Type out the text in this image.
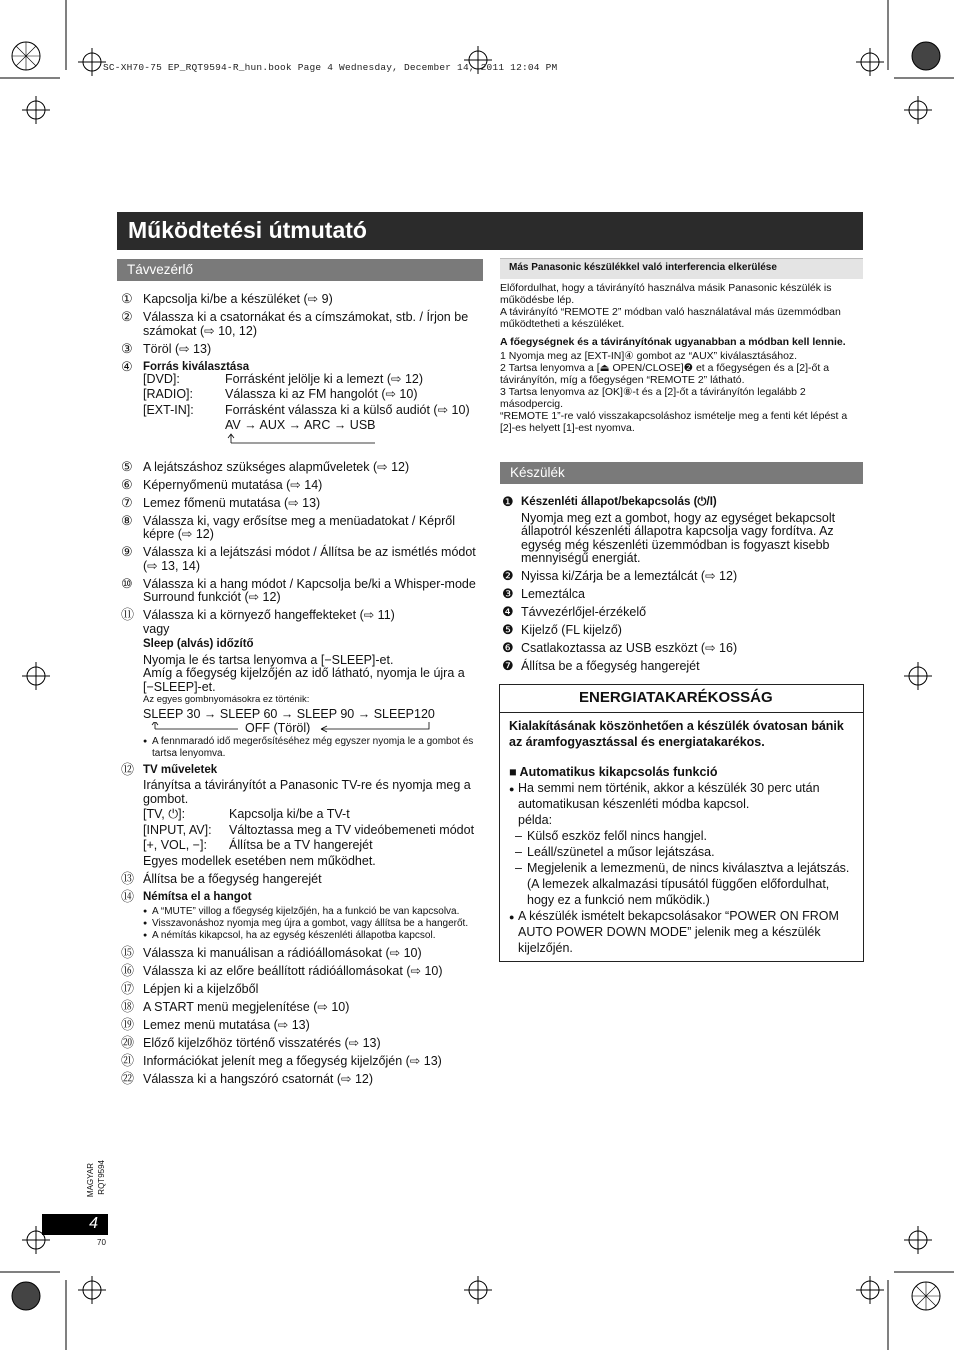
SC-XH70-75 EP_RQT9594-R_hun.book Page 4 Wednesday, December 14, 2011 12:04 PM
Működtetési útmutató
Távvezérlő
① Kapcsolja ki/be a készüléket (⇨ 9)
② Válassza ki a csatornákat és a címszámokat, stb. / Írjon be számokat (⇨ 10, 12)
③ Töröl (⇨ 13)
④ Forrás kiválasztása
[DVD]:	Forrásként jelölje ki a lemezt (⇨ 12)
[RADIO]:	Válassza ki az FM hangolót (⇨ 10)
[EXT-IN]:	Forrásként válassza ki a külső audiót (⇨ 10)
AV → AUX → ARC → USB
⑤ A lejátszáshoz szükséges alapműveletek (⇨ 12)
⑥ Képernyőmenü mutatása (⇨ 14)
⑦ Lemez főmenü mutatása (⇨ 13)
⑧ Válassza ki, vagy erősítse meg a menüadatokat / Képről képre (⇨ 12)
⑨ Válassza ki a lejátszási módot / Állítsa be az ismétlés módot (⇨ 13, 14)
⑩ Válassza ki a hang módot / Kapcsolja be/ki a Whisper-mode Surround funkciót (⇨ 12)
⑪ Válassza ki a környező hangeffekteket (⇨ 11)
vagy
Sleep (alvás) időzítő
Nyomja le és tartsa lenyomva a [−SLEEP]-et.
Amíg a főegység kijelzőjén az idő látható, nyomja le újra a [−SLEEP]-et.
Az egyes gombnyomásokra ez történik:
SLEEP 30 → SLEEP 60 → SLEEP 90 → SLEEP120
OFF (Töröl)
● A fennmaradó idő megerősítéséhez még egyszer nyomja le a gombot és tartsa lenyomva.
⑫ TV műveletek
Irányítsa a távirányítót a Panasonic TV-re és nyomja meg a gombot.
[TV, ⏻]:	Kapcsolja ki/be a TV-t
[INPUT, AV]:	Változtassa meg a TV videóbemeneti módot
[+, VOL, −]:	Állítsa be a TV hangerejét
Egyes modellek esetében nem működhet.
⑬ Állítsa be a főegység hangerejét
⑭ Némítsa el a hangot
● A “MUTE” villog a főegység kijelzőjén, ha a funkció be van kapcsolva.
● Visszavonáshoz nyomja meg újra a gombot, vagy állítsa be a hangerőt.
● A némítás kikapcsol, ha az egység készenléti állapotba kapcsol.
⑮ Válassza ki manuálisan a rádióállomásokat (⇨ 10)
⑯ Válassza ki az előre beállított rádióállomásokat (⇨ 10)
⑰ Lépjen ki a kijelzőből
⑱ A START menü megjelenítése (⇨ 10)
⑲ Lemez menü mutatása (⇨ 13)
⑳ Előző kijelzőhöz történő visszatérés (⇨ 13)
㉑ Információkat jelenít meg a főegység kijelzőjén (⇨ 13)
㉒ Válassza ki a hangszóró csatornát (⇨ 12)
Más Panasonic készülékkel való interferencia elkerülése
Előfordulhat, hogy a távirányító használva másik Panasonic készülék is működésbe lép.
A távirányító “REMOTE 2” módban való használatával más üzemmódban működtetheti a készüléket.
A főegységnek és a távirányítónak ugyanabban a módban kell lennie.
1 Nyomja meg az [EXT-IN]④ gombot az “AUX” kiválasztásához.
2 Tartsa lenyomva a [⏏ OPEN/CLOSE]❷ et a főegységen és a [2]-őt a távirányítón, míg a főegységen “REMOTE 2” látható.
3 Tartsa lenyomva az [OK]⑧-t és a [2]-őt a távirányítón legalább 2 másodpercig.
“REMOTE 1”-re való visszakapcsoláshoz ismételje meg a fenti két lépést a [2]-es helyett [1]-est nyomva.
Készülék
❶ Készenléti állapot/bekapcsolás (⏻/I)
Nyomja meg ezt a gombot, hogy az egységet bekapcsolt állapotról készenléti állapotra kapcsolja vagy fordítva. Az egység még készenléti üzemmódban is fogyaszt kisebb mennyiségű energiát.
❷ Nyissa ki/Zárja be a lemeztálcát (⇨ 12)
❸ Lemeztálca
❹ Távvezérlőjel-érzékelő
❺ Kijelző (FL kijelző)
❻ Csatlakoztassa az USB eszközt (⇨ 16)
❼ Állítsa be a főegység hangerejét
ENERGIATAKARÉKOSSÁG
Kialakításának köszönhetően a készülék óvatosan bánik az áramfogyasztással és energiatakarékos.
■ Automatikus kikapcsolás funkció
● Ha semmi nem történik, akkor a készülék 30 perc után automatikusan készenléti módba kapcsol.
példa:
– Külső eszköz felől nincs hangjel.
– Leáll/szünetel a műsor lejátszása.
– Megjelenik a lemezmenü, de nincs kiválasztva a lejátszás. (A lemezek alkalmazási típusától függően előfordulhat, hogy ez a funkció nem működik.)
● A készülék ismételt bekapcsolásakor “POWER ON FROM AUTO POWER DOWN MODE” jelenik meg a készülék kijelzőjén.
MAGYAR RQT9594
4
70
